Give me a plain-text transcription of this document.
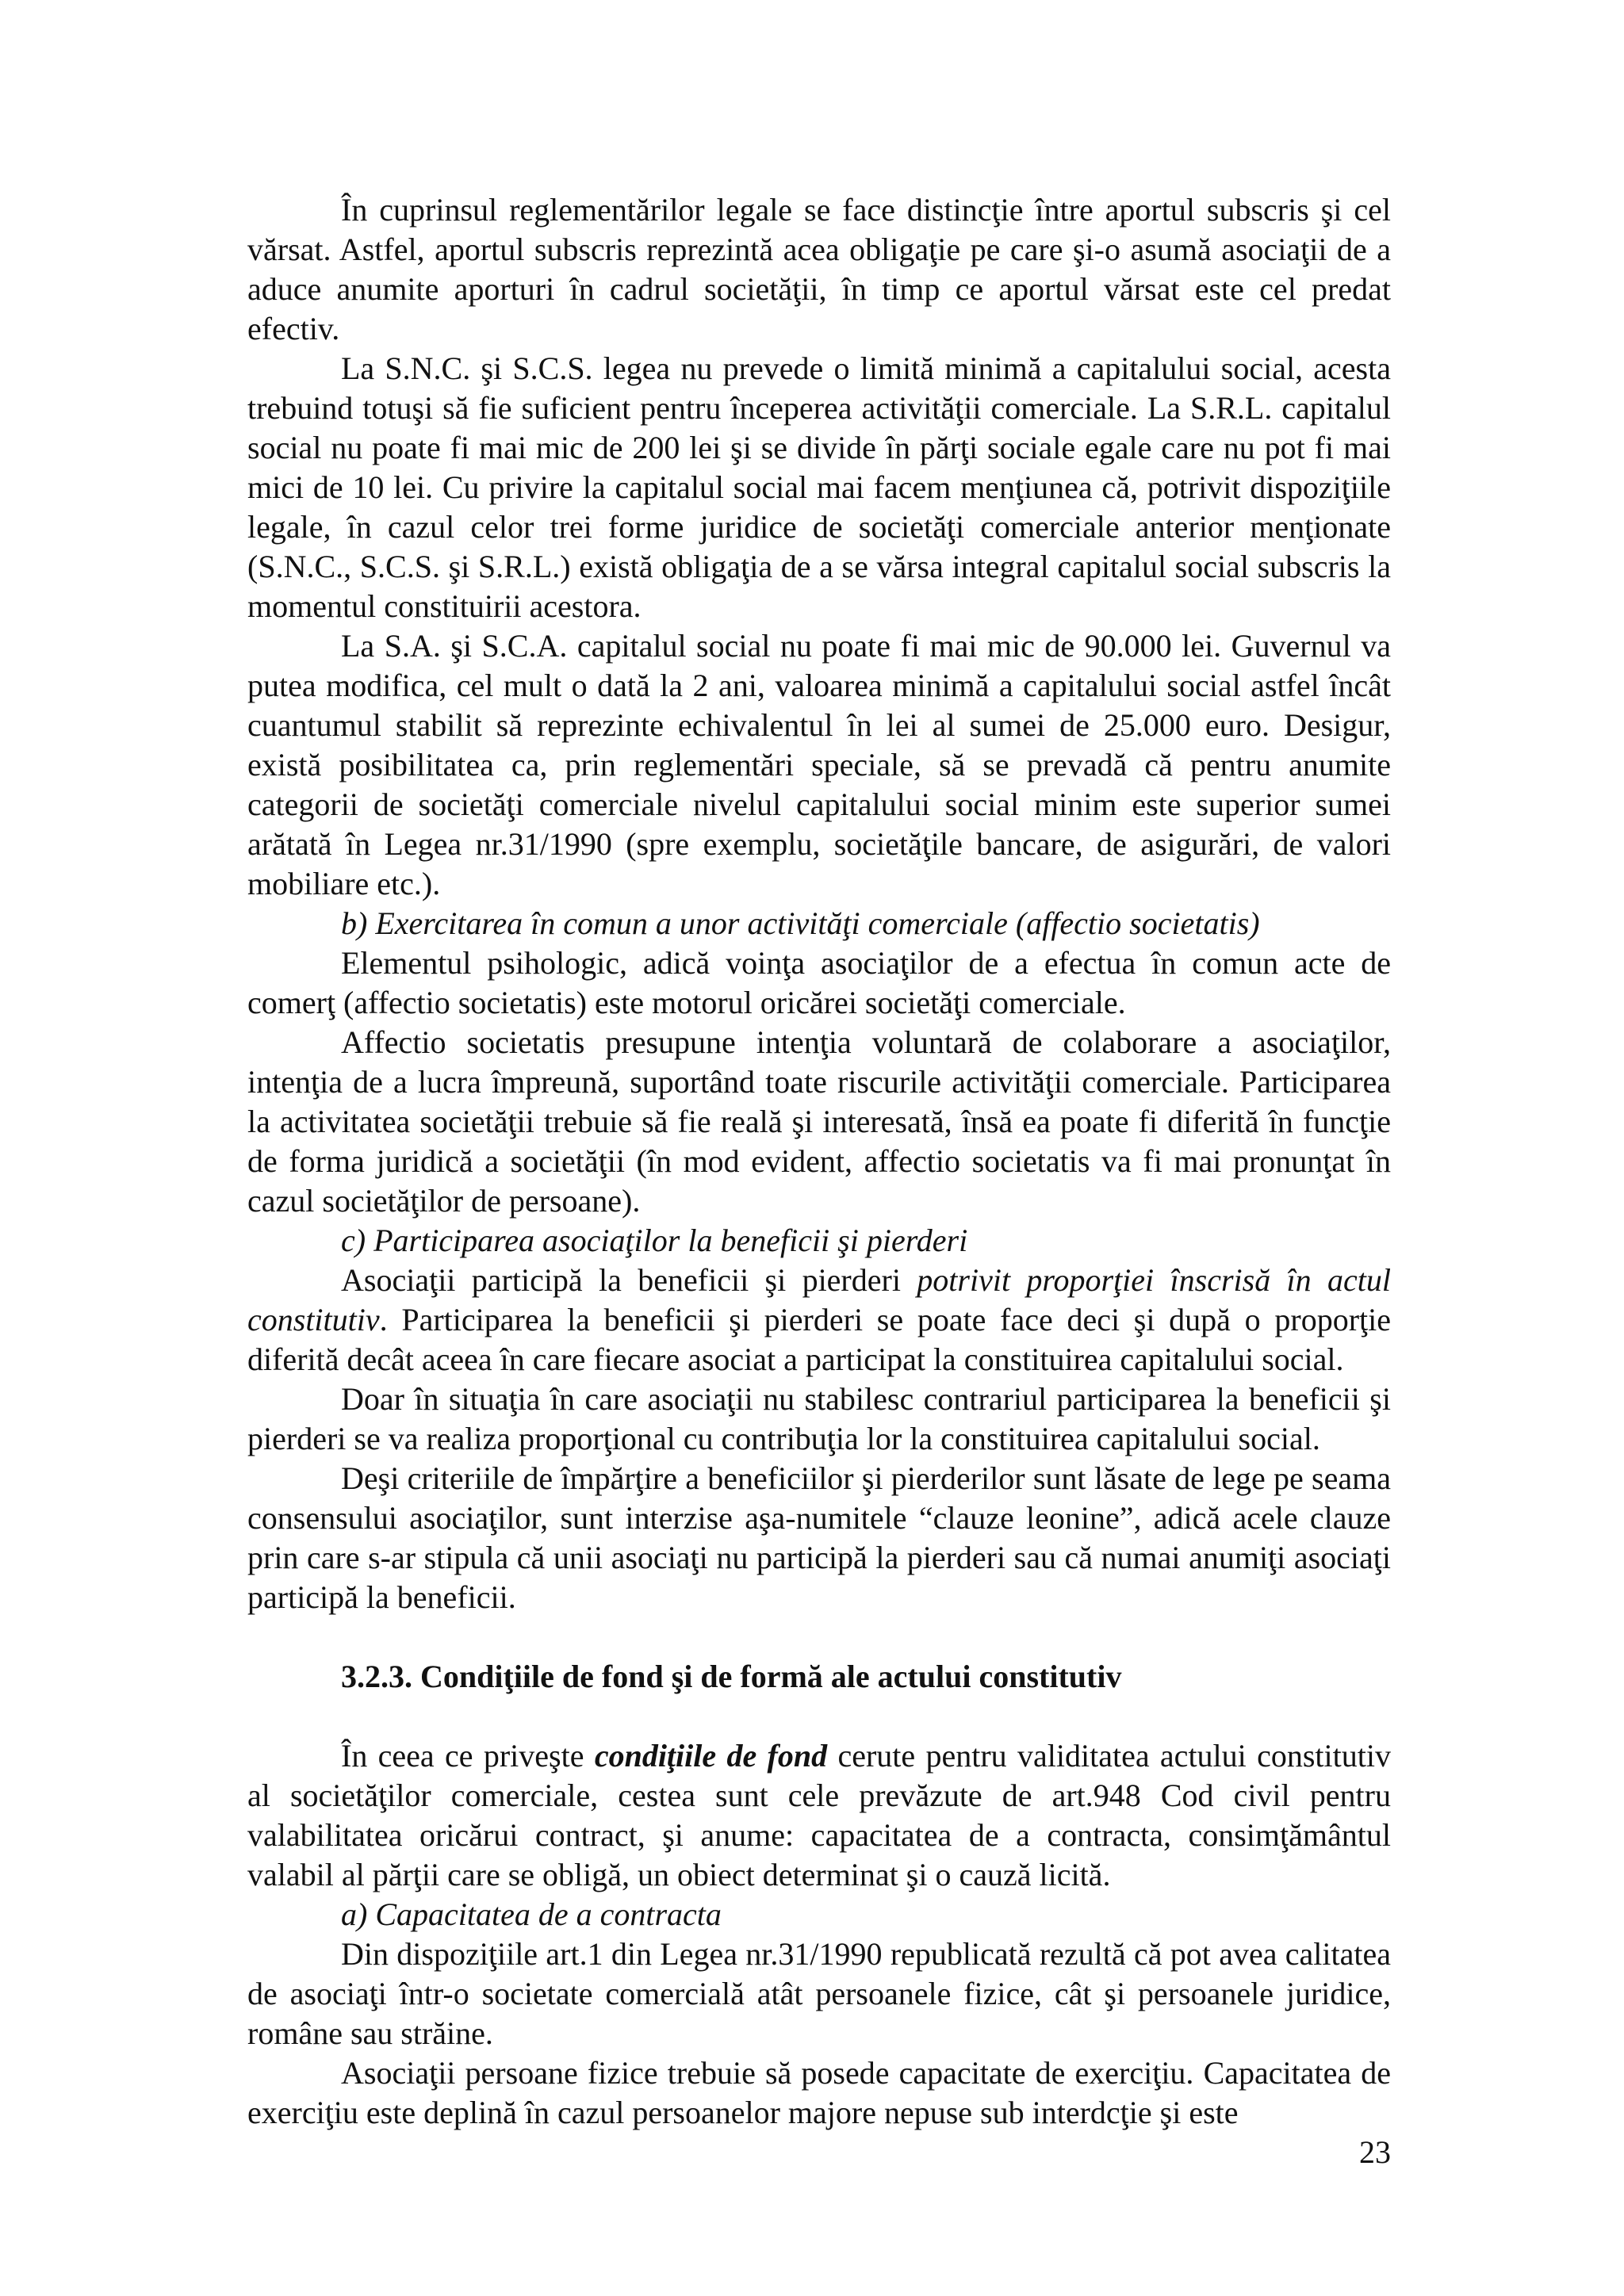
În cuprinsul reglementărilor legale se face distincţie între aportul subscris şi cel vărsat. Astfel, aportul subscris reprezintă acea obligaţie pe care şi-o asumă asociaţii de a aduce anumite aporturi în cadrul societăţii, în timp ce aportul vărsat este cel predat efectiv.

La S.N.C. şi S.C.S. legea nu prevede o limită minimă a capitalului social, acesta trebuind totuşi să fie suficient pentru începerea activităţii comerciale. La S.R.L. capitalul social nu poate fi mai mic de 200 lei şi se divide în părţi sociale egale care nu pot fi mai mici de 10 lei. Cu privire la capitalul social mai facem menţiunea că, potrivit dispoziţiile legale, în cazul celor trei forme juridice de societăţi comerciale anterior menţionate (S.N.C., S.C.S. şi S.R.L.) există obligaţia de a se vărsa integral capitalul social subscris la momentul constituirii acestora.

La S.A. şi S.C.A. capitalul social nu poate fi mai mic de 90.000 lei. Guvernul va putea modifica, cel mult o dată la 2 ani, valoarea minimă a capitalului social astfel încât cuantumul stabilit să reprezinte echivalentul în lei al sumei de 25.000 euro. Desigur, există posibilitatea ca, prin reglementări speciale, să se prevadă că pentru anumite categorii de societăţi comerciale nivelul capitalului social minim este superior sumei arătată în Legea nr.31/1990 (spre exemplu, societăţile bancare, de asigurări, de valori mobiliare etc.).

b) Exercitarea în comun a unor activităţi comerciale (affectio societatis)

Elementul psihologic, adică voinţa asociaţilor de a efectua în comun acte de comerţ (affectio societatis) este motorul oricărei societăţi comerciale.

Affectio societatis presupune intenţia voluntară de colaborare a asociaţilor, intenţia de a lucra împreună, suportând toate riscurile activităţii comerciale. Participarea la activitatea societăţii trebuie să fie reală şi interesată, însă ea poate fi diferită în funcţie de forma juridică a societăţii (în mod evident, affectio societatis va fi mai pronunţat în cazul societăţilor de persoane).

c) Participarea asociaţilor la beneficii şi pierderi

Asociaţii participă la beneficii şi pierderi potrivit proporţiei înscrisă în actul constitutiv. Participarea la beneficii şi pierderi se poate face deci şi după o proporţie diferită decât aceea în care fiecare asociat a participat la constituirea capitalului social.

Doar în situaţia în care asociaţii nu stabilesc contrariul participarea la beneficii şi pierderi se va realiza proporţional cu contribuţia lor la constituirea capitalului social.

Deşi criteriile de împărţire a beneficiilor şi pierderilor sunt lăsate de lege pe seama consensului asociaţilor, sunt interzise aşa-numitele “clauze leonine”, adică acele clauze prin care s-ar stipula că unii asociaţi nu participă la pierderi sau că numai anumiţi asociaţi participă la beneficii.

3.2.3. Condiţiile de fond şi de formă ale actului constitutiv

În ceea ce priveşte condiţiile de fond cerute pentru validitatea actului constitutiv al societăţilor comerciale, cestea sunt cele prevăzute de art.948 Cod civil pentru valabilitatea oricărui contract, şi anume: capacitatea de a contracta, consimţământul valabil al părţii care se obligă, un obiect determinat şi o cauză licită.

a) Capacitatea de a contracta

Din dispoziţiile art.1 din Legea nr.31/1990 republicată rezultă că pot avea calitatea de asociaţi într-o societate comercială atât persoanele fizice, cât şi persoanele juridice, române sau străine.

Asociaţii persoane fizice trebuie să posede capacitate de exerciţiu. Capacitatea de exerciţiu este deplină în cazul persoanelor majore nepuse sub interdcţie şi este

23
